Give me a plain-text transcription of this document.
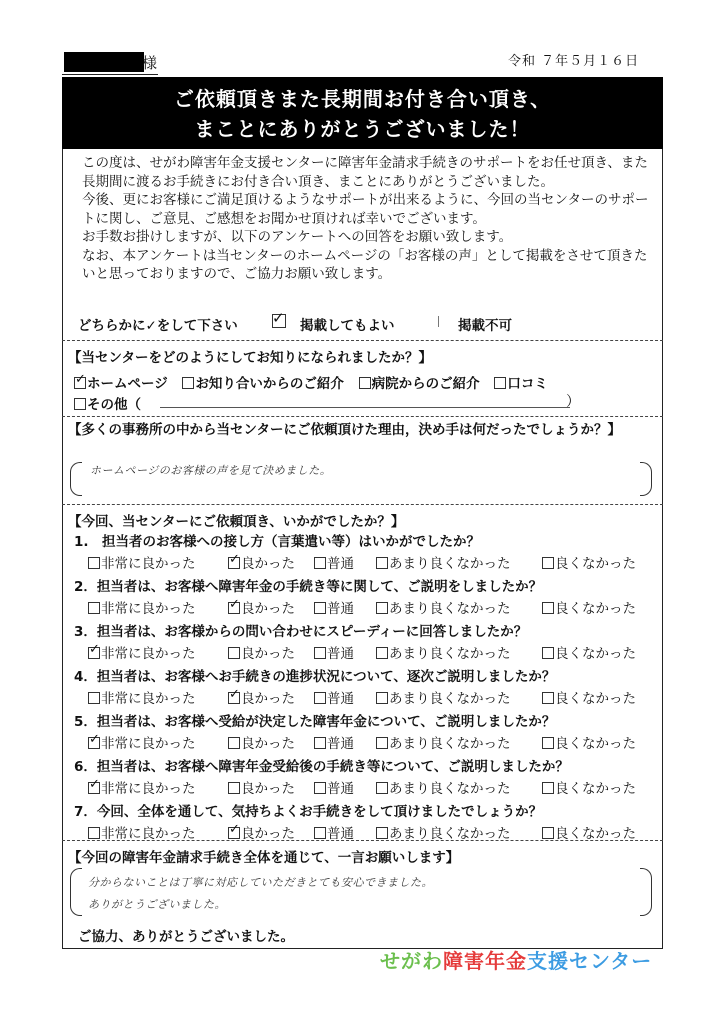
様	令和 ７年５月１６日
ご依頼頂きまた長期間お付き合い頂き、
まことにありがとうございました！

この度は、せがわ障害年金支援センターに障害年金請求手続きのサポートをお任せ頂き、また長期間に渡るお手続きにお付き合い頂き、まことにありがとうございました。

今後、更にお客様にご満足頂けるようなサポートが出来るように、今回の当センターのサポートに関し、ご意見、ご感想をお聞かせ頂ければ幸いでございます。

お手数お掛けしますが、以下のアンケートへの回答をお願い致します。

なお、本アンケートは当センターのホームページの「お客様の声」として掲載をさせて頂きたいと思っておりますので、ご協力お願い致します。

どちらかに✓をして下さい ✓ 掲載してもよい	掲載不可
【当センターをどのようにしてお知りになられましたか？】
✓ホームページ お知り合いからのご紹介 病院からのご紹介 口コミ
その他（	）
【多くの事務所の中から当センターにご依頼頂けた理由，決め手は何だったでしょうか？】
ホームページのお客様の声を見て決めました。
【今回、当センターにご依頼頂き、いかがでしたか？】
1.　担当者のお客様への接し方（言葉遣い等）はいかがでしたか？
非常に良かった ✓	良かった	普通	あまり良くなかった	良くなかった
2．担当者は、お客様へ障害年金の手続き等に関して、ご説明をしましたか？
非常に良かった ✓	良かった	普通	あまり良くなかった	良くなかった
3．担当者は、お客様からの問い合わせにスピーディーに回答しましたか？
✓非常に良かった	良かった	普通	あまり良くなかった	良くなかった
4．担当者は、お客様へお手続きの進捗状況について、逐次ご説明しましたか？
非常に良かった ✓	良かった	普通	あまり良くなかった	良くなかった
5．担当者は、お客様へ受給が決定した障害年金について、ご説明しましたか？
✓非常に良かった	良かった	普通	あまり良くなかった	良くなかった
6．担当者は、お客様へ障害年金受給後の手続き等について、ご説明しましたか？
✓非常に良かった	良かった	普通	あまり良くなかった	良くなかった
7．今回、全体を通して、気持ちよくお手続きをして頂けましたでしょうか？
非常に良かった ✓	良かった	普通	あまり良くなかった	良くなかった
【今回の障害年金請求手続き全体を通じて、一言お願いします】
分からないことは丁寧に対応していただきとても安心できました。
ありがとうございました。
ご協力、ありがとうございました。
せがわ障害年金支援センター
